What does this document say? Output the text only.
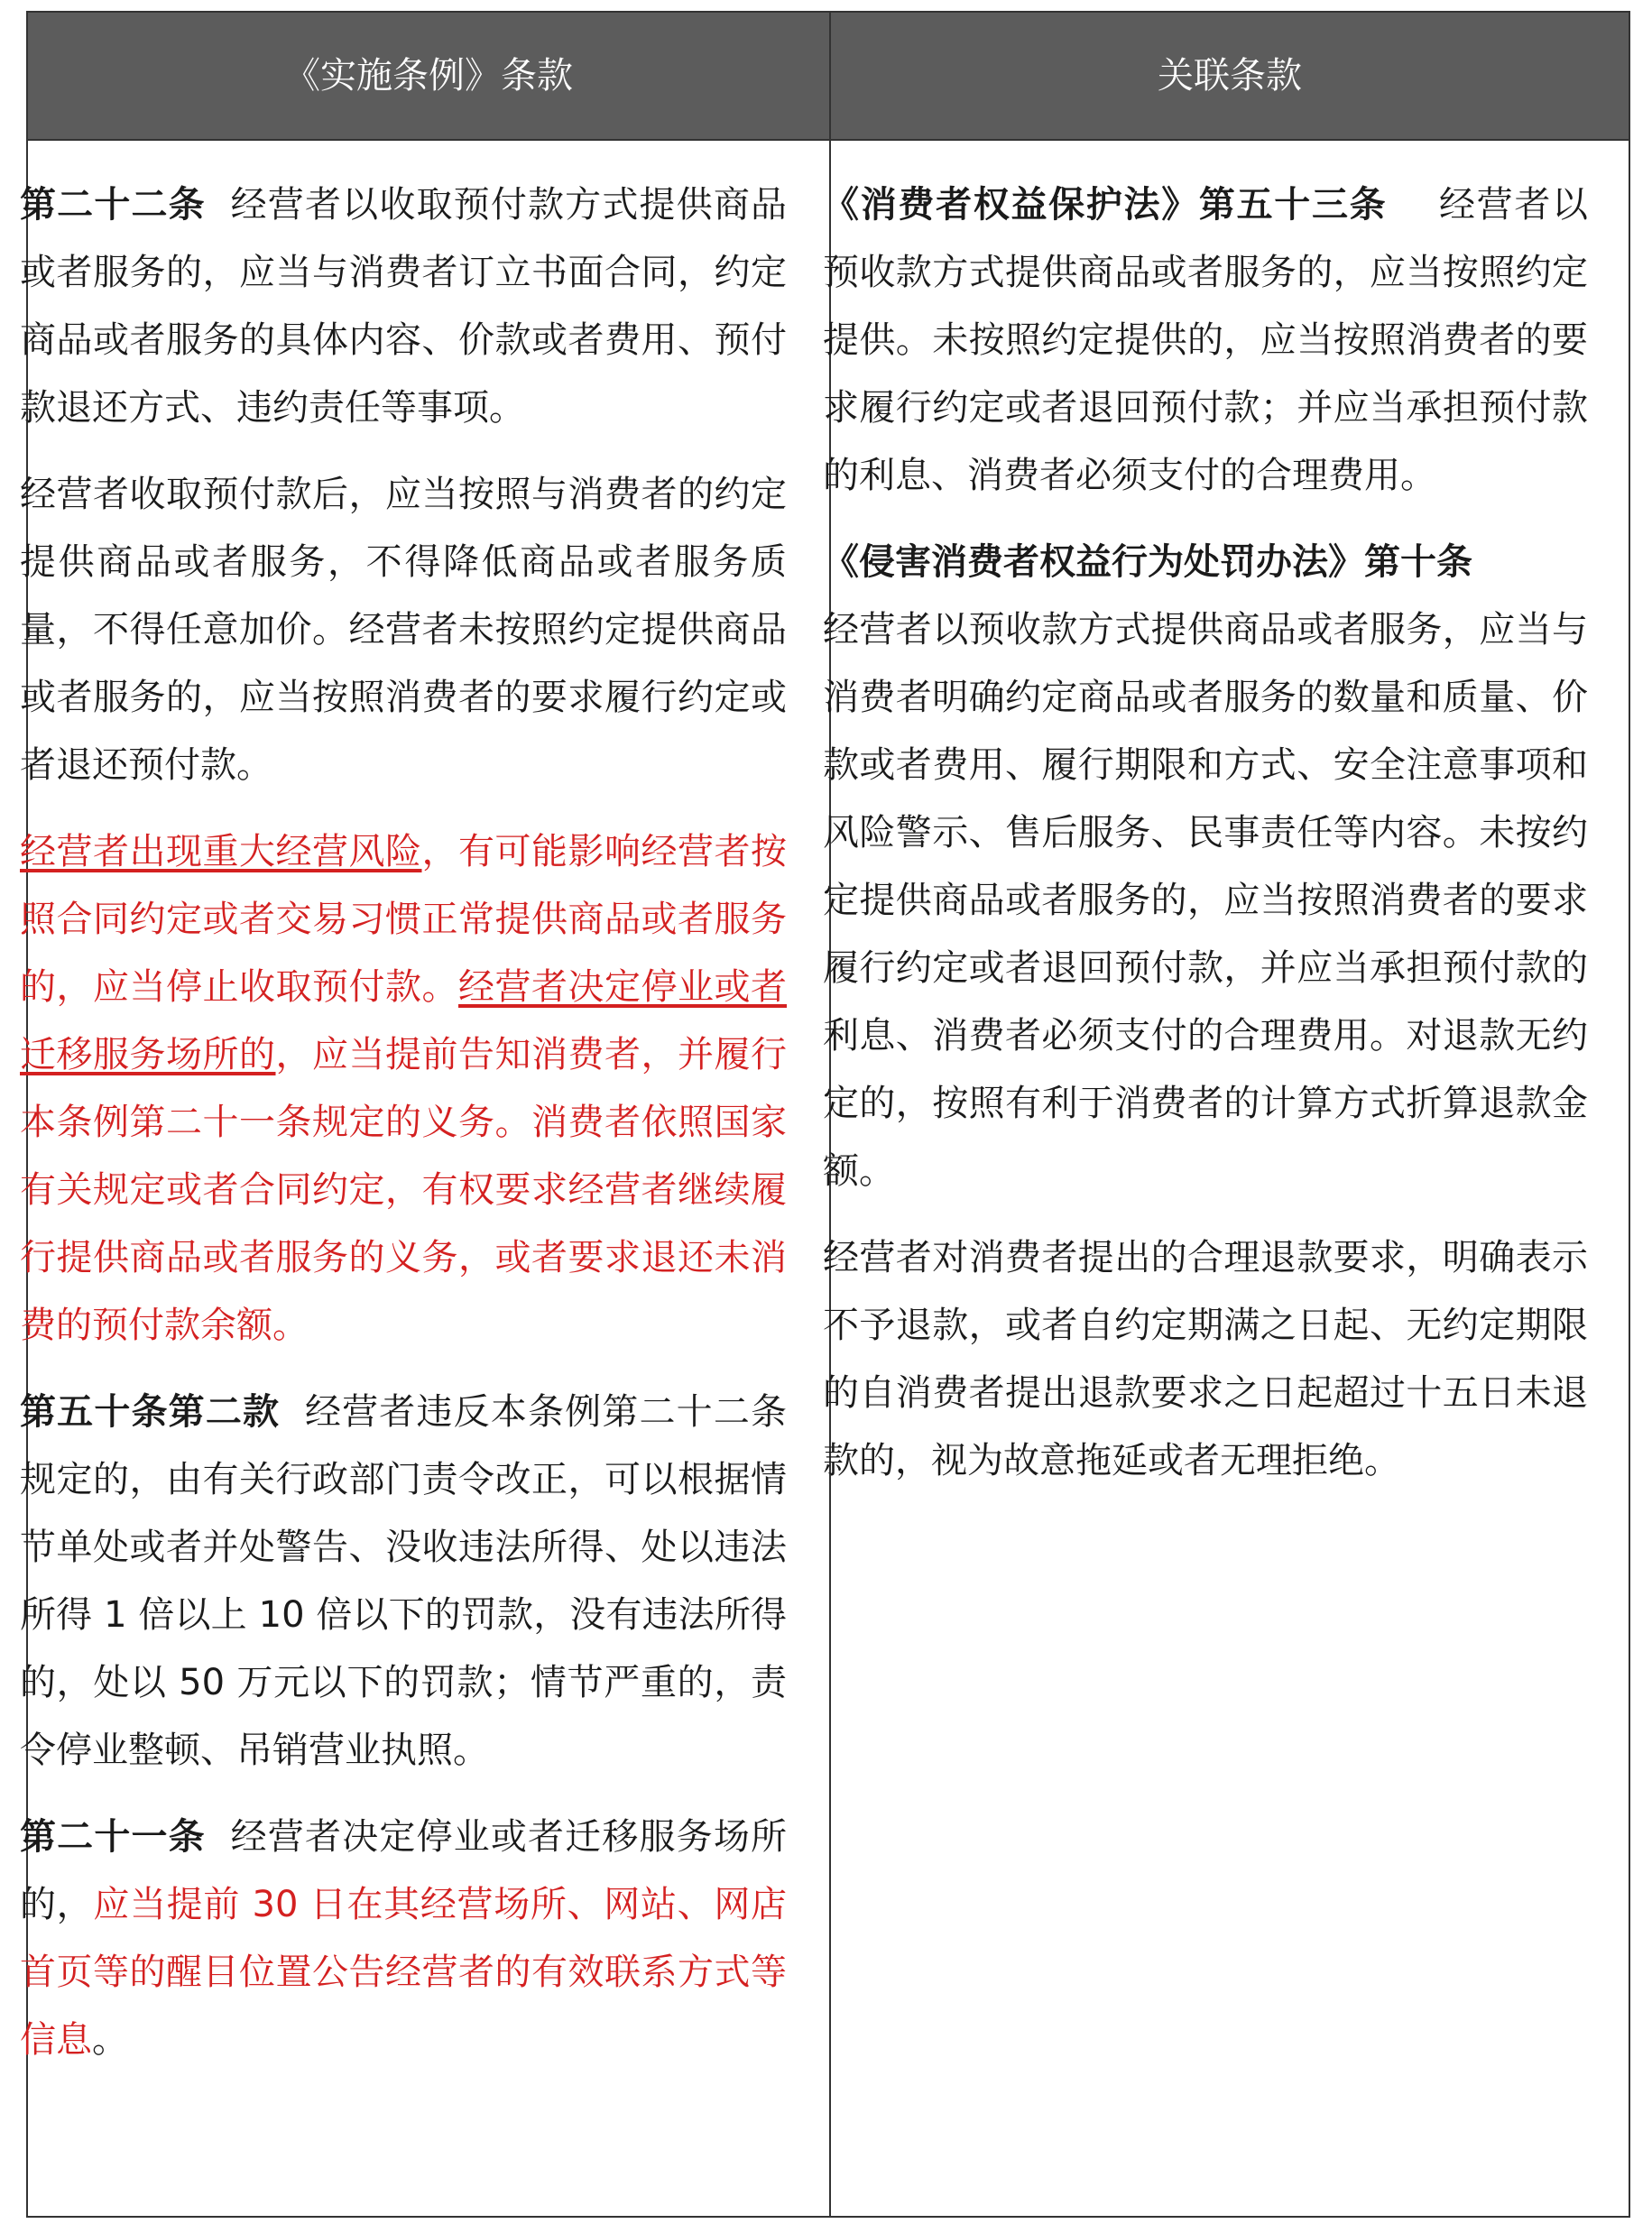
《实施条例》条款	关联条款

第二十二条 经营者以收取预付款方式提供商品或者服务的，应当与消费者订立书面合同，约定商品或者服务的具体内容、价款或者费用、预付款退还方式、违约责任等事项。

经营者收取预付款后，应当按照与消费者的约定提供商品或者服务，不得降低商品或者服务质量，不得任意加价。经营者未按照约定提供商品或者服务的，应当按照消费者的要求履行约定或者退还预付款。

经营者出现重大经营风险，有可能影响经营者按照合同约定或者交易习惯正常提供商品或者服务的，应当停止收取预付款。经营者决定停业或者迁移服务场所的，应当提前告知消费者，并履行本条例第二十一条规定的义务。消费者依照国家有关规定或者合同约定，有权要求经营者继续履行提供商品或者服务的义务，或者要求退还未消费的预付款余额。

第五十条第二款 经营者违反本条例第二十二条规定的，由有关行政部门责令改正，可以根据情节单处或者并处警告、没收违法所得、处以违法所得 1 倍以上 10 倍以下的罚款，没有违法所得的，处以 50 万元以下的罚款；情节严重的，责令停业整顿、吊销营业执照。

第二十一条 经营者决定停业或者迁移服务场所的，应当提前 30 日在其经营场所、网站、网店首页等的醒目位置公告经营者的有效联系方式等信息。

《消费者权益保护法》第五十三条 经营者以预收款方式提供商品或者服务的，应当按照约定提供。未按照约定提供的，应当按照消费者的要求履行约定或者退回预付款；并应当承担预付款的利息、消费者必须支付的合理费用。

《侵害消费者权益行为处罚办法》第十条
经营者以预收款方式提供商品或者服务，应当与消费者明确约定商品或者服务的数量和质量、价款或者费用、履行期限和方式、安全注意事项和风险警示、售后服务、民事责任等内容。未按约定提供商品或者服务的，应当按照消费者的要求履行约定或者退回预付款，并应当承担预付款的利息、消费者必须支付的合理费用。对退款无约定的，按照有利于消费者的计算方式折算退款金额。

经营者对消费者提出的合理退款要求，明确表示不予退款，或者自约定期满之日起、无约定期限的自消费者提出退款要求之日起超过十五日未退款的，视为故意拖延或者无理拒绝。
